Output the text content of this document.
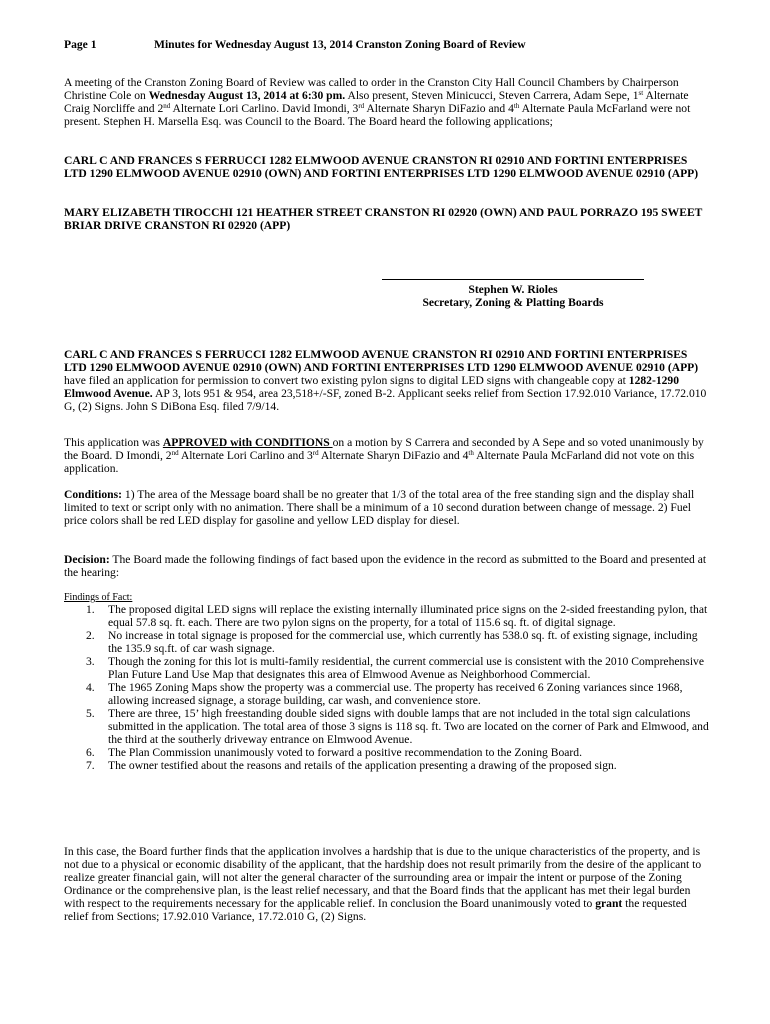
Page 1	Minutes for Wednesday August 13, 2014 Cranston Zoning Board of Review
A meeting of the Cranston Zoning Board of Review was called to order in the Cranston City Hall Council Chambers by Chairperson Christine Cole on Wednesday August 13, 2014 at 6:30 pm. Also present, Steven Minicucci, Steven Carrera, Adam Sepe, 1st Alternate Craig Norcliffe and 2nd Alternate Lori Carlino. David Imondi, 3rd Alternate Sharyn DiFazio and 4th Alternate Paula McFarland were not present. Stephen H. Marsella Esq. was Council to the Board. The Board heard the following applications;
CARL C AND FRANCES S FERRUCCI 1282 ELMWOOD AVENUE CRANSTON RI 02910 AND FORTINI ENTERPRISES LTD 1290 ELMWOOD AVENUE 02910 (OWN) AND FORTINI ENTERPRISES LTD 1290 ELMWOOD AVENUE 02910 (APP)
MARY ELIZABETH TIROCCHI 121 HEATHER STREET CRANSTON RI 02920 (OWN) AND PAUL PORRAZO 195 SWEET BRIAR DRIVE CRANSTON RI 02920 (APP)
Stephen W. Rioles
Secretary, Zoning & Platting Boards
CARL C AND FRANCES S FERRUCCI 1282 ELMWOOD AVENUE CRANSTON RI 02910 AND FORTINI ENTERPRISES LTD 1290 ELMWOOD AVENUE 02910 (OWN) AND FORTINI ENTERPRISES LTD 1290 ELMWOOD AVENUE 02910 (APP) have filed an application for permission to convert two existing pylon signs to digital LED signs with changeable copy at 1282-1290 Elmwood Avenue. AP 3, lots 951 & 954, area 23,518+/-SF, zoned B-2. Applicant seeks relief from Section 17.92.010 Variance, 17.72.010 G, (2) Signs. John S DiBona Esq. filed 7/9/14.
This application was APPROVED with CONDITIONS on a motion by S Carrera and seconded by A Sepe and so voted unanimously by the Board. D Imondi, 2nd Alternate Lori Carlino and 3rd Alternate Sharyn DiFazio and 4th Alternate Paula McFarland did not vote on this application.
Conditions: 1) The area of the Message board shall be no greater that 1/3 of the total area of the free standing sign and the display shall limited to text or script only with no animation. There shall be a minimum of a 10 second duration between change of message. 2) Fuel price colors shall be red LED display for gasoline and yellow LED display for diesel.
Decision: The Board made the following findings of fact based upon the evidence in the record as submitted to the Board and presented at the hearing:
Findings of Fact:
1. The proposed digital LED signs will replace the existing internally illuminated price signs on the 2-sided freestanding pylon, that equal 57.8 sq. ft. each. There are two pylon signs on the property, for a total of 115.6 sq. ft. of digital signage.
2. No increase in total signage is proposed for the commercial use, which currently has 538.0 sq. ft. of existing signage, including the 135.9 sq.ft. of car wash signage.
3. Though the zoning for this lot is multi-family residential, the current commercial use is consistent with the 2010 Comprehensive Plan Future Land Use Map that designates this area of Elmwood Avenue as Neighborhood Commercial.
4. The 1965 Zoning Maps show the property was a commercial use. The property has received 6 Zoning variances since 1968, allowing increased signage, a storage building, car wash, and convenience store.
5. There are three, 15’ high freestanding double sided signs with double lamps that are not included in the total sign calculations submitted in the application. The total area of those 3 signs is 118 sq. ft. Two are located on the corner of Park and Elmwood, and the third at the southerly driveway entrance on Elmwood Avenue.
6. The Plan Commission unanimously voted to forward a positive recommendation to the Zoning Board.
7. The owner testified about the reasons and retails of the application presenting a drawing of the proposed sign.
In this case, the Board further finds that the application involves a hardship that is due to the unique characteristics of the property, and is not due to a physical or economic disability of the applicant, that the hardship does not result primarily from the desire of the applicant to realize greater financial gain, will not alter the general character of the surrounding area or impair the intent or purpose of the Zoning Ordinance or the comprehensive plan, is the least relief necessary, and that the Board finds that the applicant has met their legal burden with respect to the requirements necessary for the applicable relief. In conclusion the Board unanimously voted to grant the requested relief from Sections; 17.92.010 Variance, 17.72.010 G, (2) Signs.
